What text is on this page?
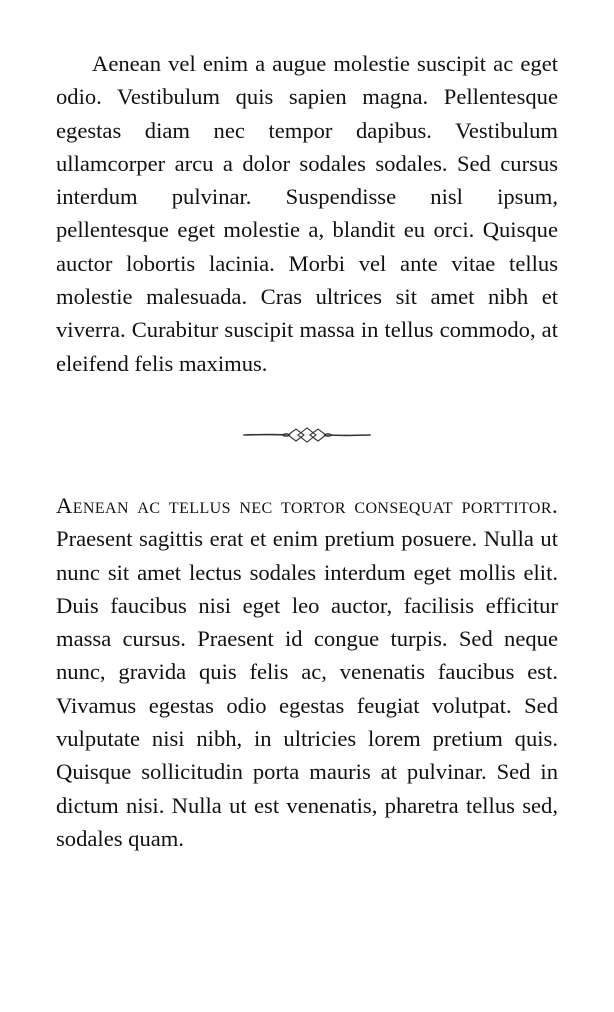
Aenean vel enim a augue molestie suscipit ac eget odio. Vestibulum quis sapien magna. Pellentesque egestas diam nec tempor dapibus. Vestibulum ullamcorper arcu a dolor sodales sodales. Sed cursus interdum pulvinar. Suspendisse nisl ipsum, pellentesque eget molestie a, blandit eu orci. Quisque auctor lobortis lacinia. Morbi vel ante vitae tellus molestie malesuada. Cras ultrices sit amet nibh et viverra. Curabitur suscipit massa in tellus commodo, at eleifend felis maximus.

Aenean ac tellus nec tortor consequat porttitor. Praesent sagittis erat et enim pretium posuere. Nulla ut nunc sit amet lectus sodales interdum eget mollis elit. Duis faucibus nisi eget leo auctor, facilisis efficitur massa cursus. Praesent id congue turpis. Sed neque nunc, gravida quis felis ac, venenatis faucibus est. Vivamus egestas odio egestas feugiat volutpat. Sed vulputate nisi nibh, in ultricies lorem pretium quis. Quisque sollicitudin porta mauris at pulvinar. Sed in dictum nisi. Nulla ut est venenatis, pharetra tellus sed, sodales quam.
